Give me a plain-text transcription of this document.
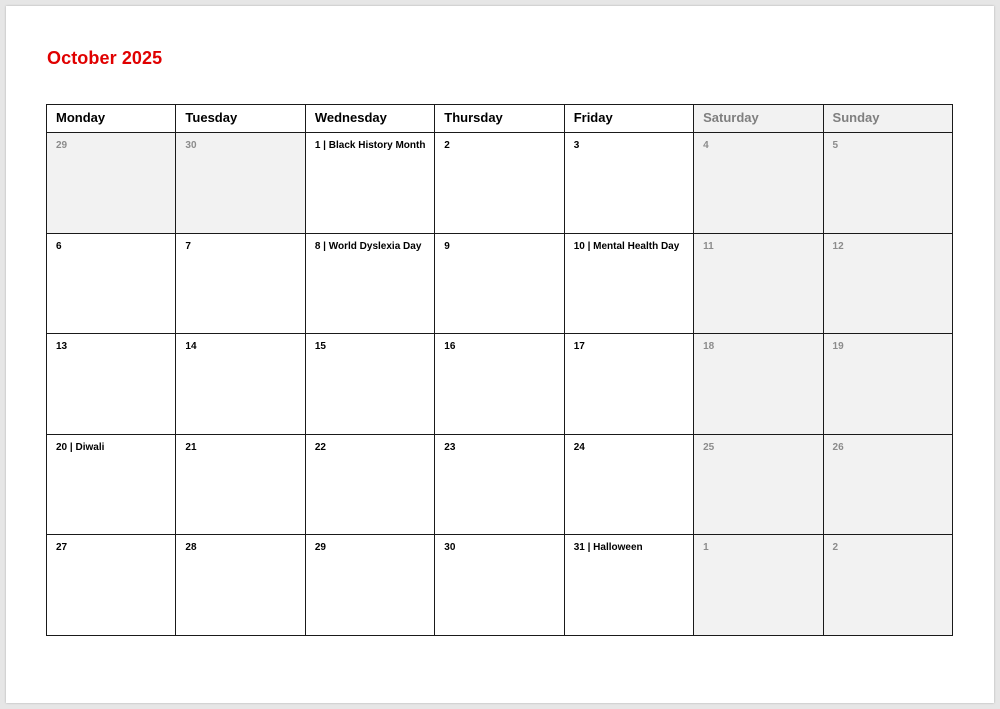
October 2025
Monday	Tuesday	Wednesday	Thursday	Friday	Saturday	Sunday

29	30	1 | Black History Month	2	3	4	5

6	7	8 | World Dyslexia Day	9	10 | Mental Health Day	11	12

13	14	15	16	17	18	19

20 | Diwali	21	22	23	24	25	26

27	28	29	30	31 | Halloween	1	2
